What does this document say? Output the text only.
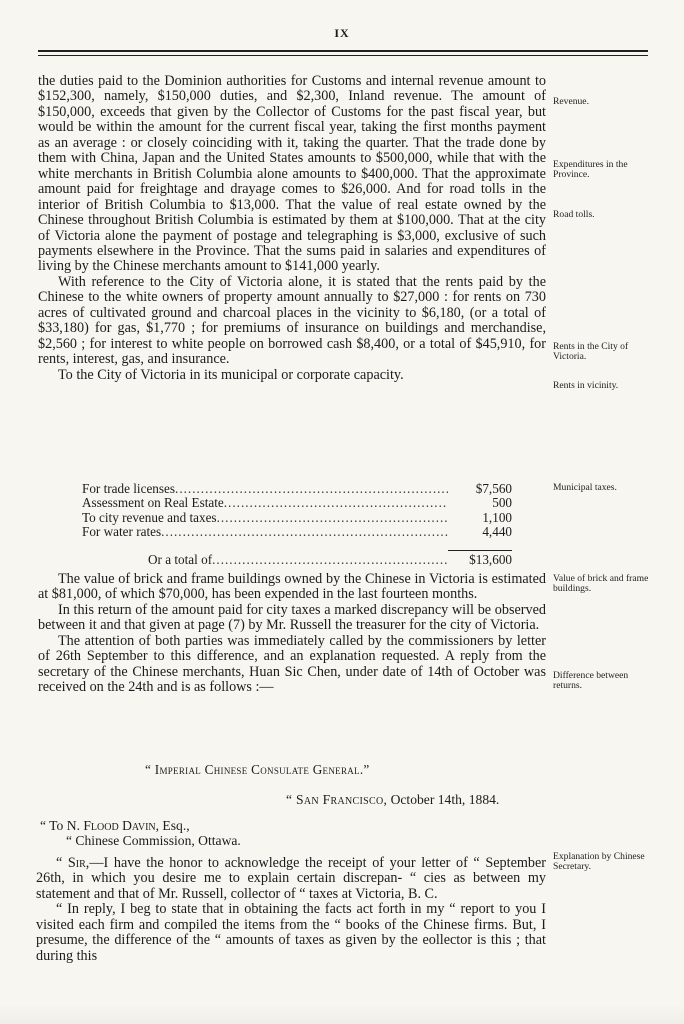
IX

the duties paid to the Dominion authorities for Customs and internal revenue amount to $152,300, namely, $150,000 duties, and $2,300, Inland revenue. The amount of $150,000, exceeds that given by the Collector of Customs for the past fiscal year, but would be within the amount for the current fiscal year, taking the first months payment as an average : or closely coinciding with it, taking the quarter. That the trade done by them with China, Japan and the United States amounts to $500,000, while that with the white merchants in British Columbia alone amounts to $400,000. That the approximate amount paid for freightage and drayage comes to $26,000. And for road tolls in the interior of British Columbia to $13,000. That the value of real estate owned by the Chinese throughout British Columbia is estimated by them at $100,000. That at the city of Victoria alone the payment of postage and telegraphing is $3,000, exclusive of such payments elsewhere in the Province. That the sums paid in salaries and expenditures of living by the Chinese merchants amount to $141,000 yearly.

With reference to the City of Victoria alone, it is stated that the rents paid by the Chinese to the white owners of property amount annually to $27,000 : for rents on 730 acres of cultivated ground and charcoal places in the vicinity to $6,180, (or a total of $33,180) for gas, $1,770 ; for premiums of insurance on buildings and merchandise, $2,560 ; for interest to white people on borrowed cash $8,400, or a total of $45,910, for rents, interest, gas, and insurance.

To the City of Victoria in its municipal or corporate capacity.

For trade licenses .....	$7,560
Assessment on Real Estate .....	500
To city revenue and taxes .....	1,100
For water rates .....	4,440
Or a total of .....	$13,600

The value of brick and frame buildings owned by the Chinese in Victoria is estimated at $81,000, of which $70,000, has been expended in the last fourteen months.

In this return of the amount paid for city taxes a marked discrepancy will be observed between it and that given at page (7) by Mr. Russell the treasurer for the city of Victoria.

The attention of both parties was immediately called by the commissioners by letter of 26th September to this difference, and an explanation requested. A reply from the secretary of the Chinese merchants, Huan Sic Chen, under date of 14th of October was received on the 24th and is as follows :—

“ Imperial Chinese Consulate General.”
“ San Francisco, October 14th, 1884.
“ To N. Flood Davin, Esq.,
“ Chinese Commission, Ottawa.

“ Sir,—I have the honor to acknowledge the receipt of your letter of “ September 26th, in which you desire me to explain certain discrepan- “ cies as between my statement and that of Mr. Russell, collector of “ taxes at Victoria, B. C.

“ In reply, I beg to state that in obtaining the facts act forth in my “ report to you I visited each firm and compiled the items from the “ books of the Chinese firms. But, I presume, the difference of the “ amounts of taxes as given by the eollector is this ; that during this

Revenue.
Expenditures in the Province.
Road tolls.
Rents in the City of Victoria.
Rents in vicinity.
Municipal taxes.
Value of brick and frame buildings.
Difference between returns.
Explanation by Chinese Secretary.
